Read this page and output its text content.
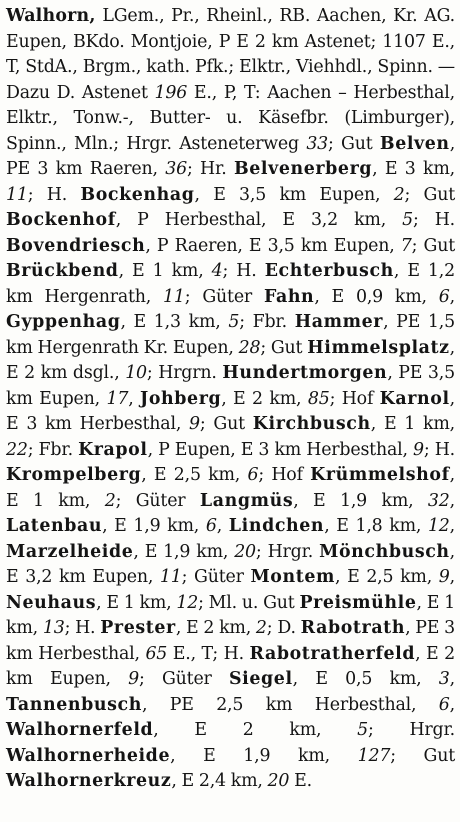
Walhorn, LGem., Pr., Rheinl., RB. Aachen, Kr. AG. Eupen, BKdo. Montjoie, P E 2 km Astenet; 1107 E., T, StdA., Brgm., kath. Pfk.; Elktr., Viehhdl., Spinn. — Dazu D. Astenet 196 E., P, T: Aachen – Herbesthal, Elktr., Tonw.-, Butter- u. Käsefbr. (Limburger), Spinn., Mln.; Hrgr. Asteneterweg 33; Gut Belven, PE 3 km Raeren, 36; Hr. Belvenerberg, E 3 km, 11; H. Bockenhag, E 3,5 km Eupen, 2; Gut Bockenhof, P Herbesthal, E 3,2 km, 5; H. Bovendriesch, P Raeren, E 3,5 km Eupen, 7; Gut Brückbend, E 1 km, 4; H. Echterbusch, E 1,2 km Hergenrath, 11; Güter Fahn, E 0,9 km, 6, Gyppenhag, E 1,3 km, 5; Fbr. Hammer, PE 1,5 km Hergenrath Kr. Eupen, 28; Gut Himmelsplatz, E 2 km dsgl., 10; Hrgrn. Hundertmorgen, PE 3,5 km Eupen, 17, Johberg, E 2 km, 85; Hof Karnol, E 3 km Herbesthal, 9; Gut Kirchbusch, E 1 km, 22; Fbr. Krapol, P Eupen, E 3 km Herbesthal, 9; H. Krompelberg, E 2,5 km, 6; Hof Krümmelshof, E 1 km, 2; Güter Langmüs, E 1,9 km, 32, Latenbau, E 1,9 km, 6, Lindchen, E 1,8 km, 12, Marzelheide, E 1,9 km, 20; Hrgr. Mönchbusch, E 3,2 km Eupen, 11; Güter Montem, E 2,5 km, 9, Neuhaus, E 1 km, 12; Ml. u. Gut Preismühle, E 1 km, 13; H. Prester, E 2 km, 2; D. Rabotrath, PE 3 km Herbesthal, 65 E., T; H. Rabotratherfeld, E 2 km Eupen, 9; Güter Siegel, E 0,5 km, 3, Tannenbusch, PE 2,5 km Herbesthal, 6, Walhornerfeld, E 2 km, 5; Hrgr. Walhornerheide, E 1,9 km, 127; Gut Walhornerkreuz, E 2,4 km, 20 E.
